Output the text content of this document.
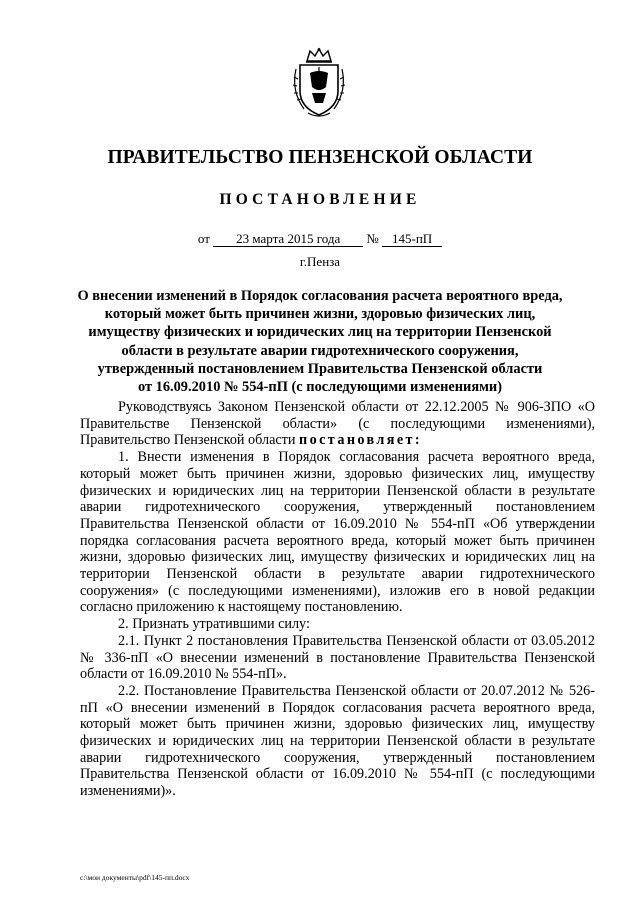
ПРАВИТЕЛЬСТВО ПЕНЗЕНСКОЙ ОБЛАСТИ
ПОСТАНОВЛЕНИЕ
от 23 марта 2015 года № 145-пП
г.Пенза
О внесении изменений в Порядок согласования расчета вероятного вреда,
который может быть причинен жизни, здоровью физических лиц,
имуществу физических и юридических лиц на территории Пензенской
области в результате аварии гидротехнического сооружения,
утвержденный постановлением Правительства Пензенской области
от 16.09.2010 № 554-пП (с последующими изменениями)

Руководствуясь Законом Пензенской области от 22.12.2005 № 906-ЗПО «О Правительстве Пензенской области» (с последующими изменениями), Правительство Пензенской области постановляет:

1. Внести изменения в Порядок согласования расчета вероятного вреда, который может быть причинен жизни, здоровью физических лиц, имуществу физических и юридических лиц на территории Пензенской области в результате аварии гидротехнического сооружения, утвержденный постановлением Правительства Пензенской области от 16.09.2010 № 554-пП «Об утверждении порядка согласования расчета вероятного вреда, который может быть причинен жизни, здоровью физических лиц, имуществу физических и юридических лиц на территории Пензенской области в результате аварии гидротехнического сооружения» (с последующими изменениями), изложив его в новой редакции согласно приложению к настоящему постановлению.

2. Признать утратившими силу:

2.1. Пункт 2 постановления Правительства Пензенской области от 03.05.2012 № 336-пП «О внесении изменений в постановление Правительства Пензенской области от 16.09.2010 № 554-пП».

2.2. Постановление Правительства Пензенской области от 20.07.2012 № 526-пП «О внесении изменений в Порядок согласования расчета вероятного вреда, который может быть причинен жизни, здоровью физических лиц, имуществу физических и юридических лиц на территории Пензенской области в результате аварии гидротехнического сооружения, утвержденный постановлением Правительства Пензенской области от 16.09.2010 № 554-пП (с последующими изменениями)».

c:\мои документы\pdf\145-пп.docx
